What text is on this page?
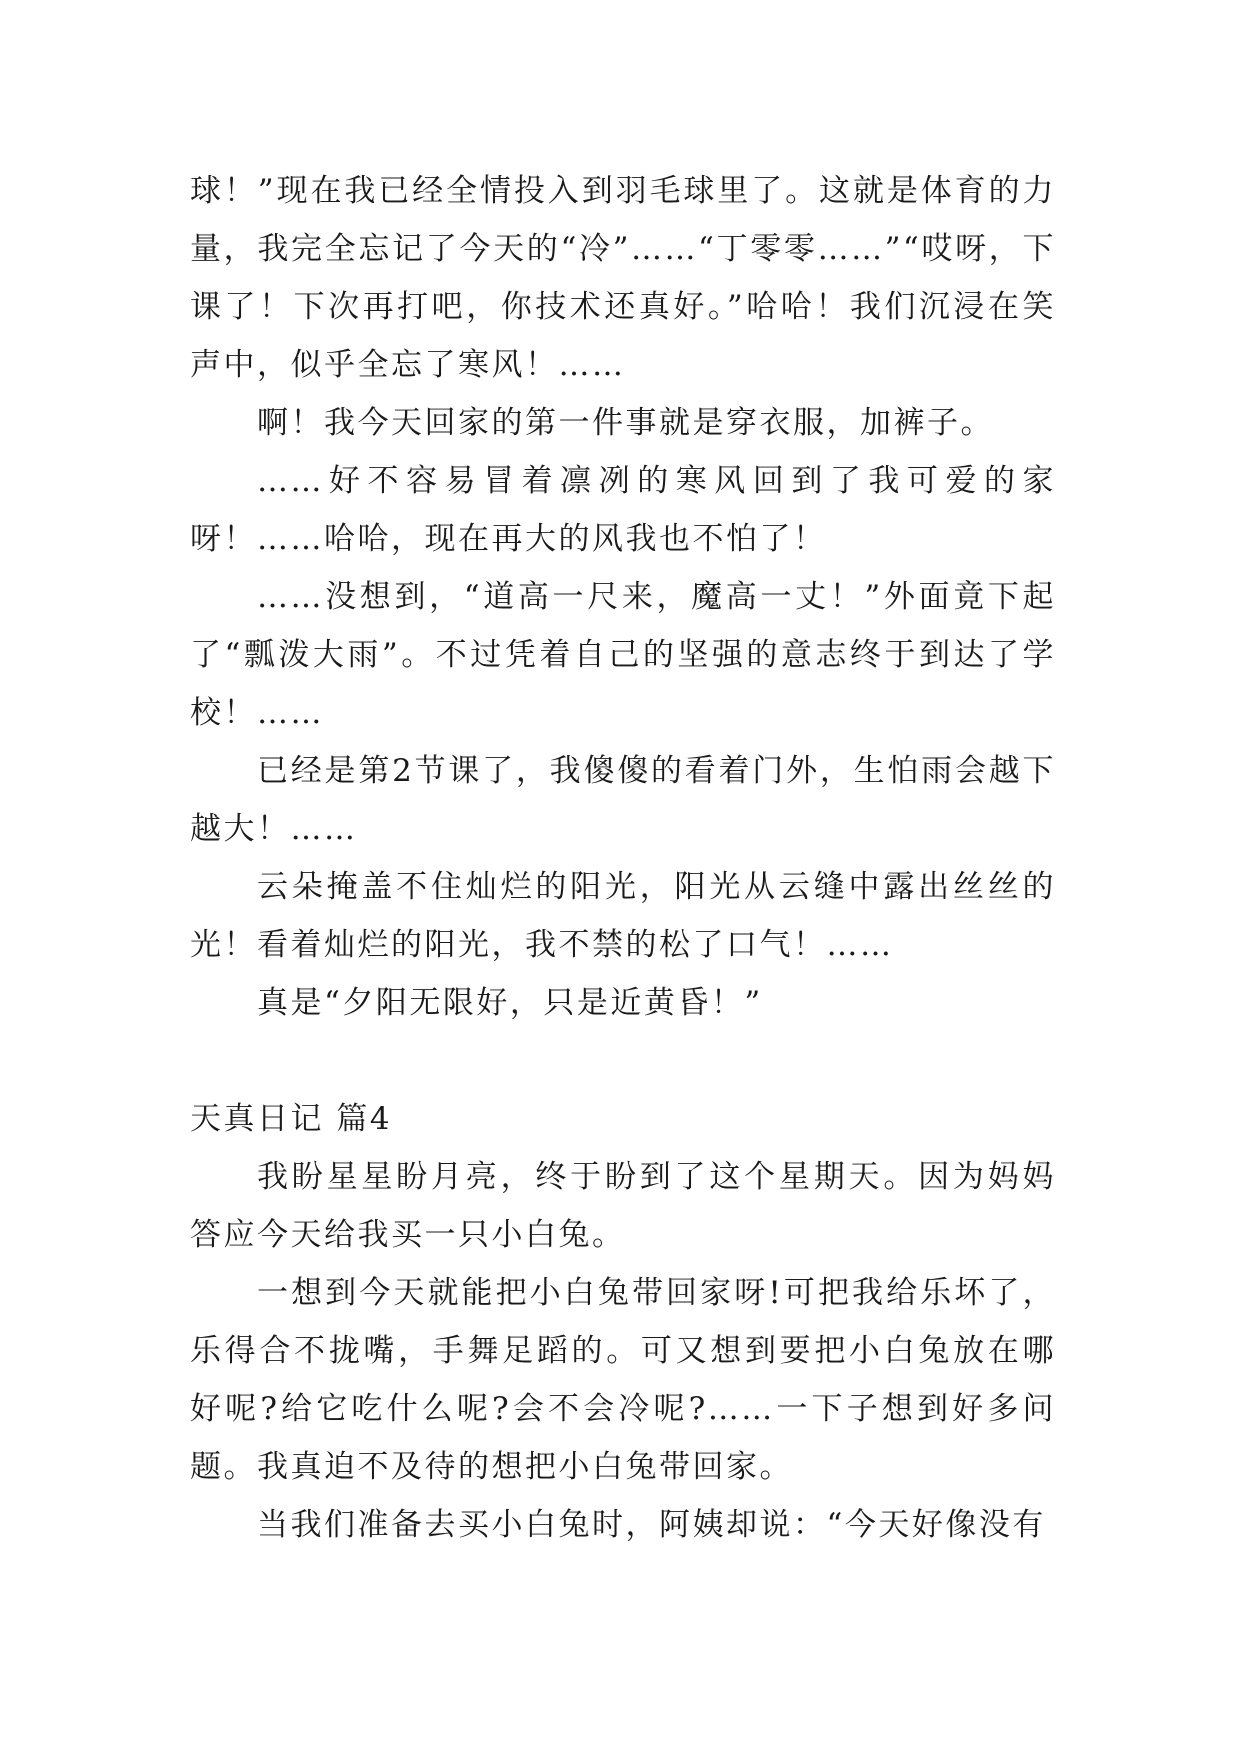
球！”现在我已经全情投入到羽毛球里了。这就是体育的力量，我完全忘记了今天的“冷”……“丁零零……”“哎呀，下课了！下次再打吧，你技术还真好。”哈哈！我们沉浸在笑声中，似乎全忘了寒风！……

啊！我今天回家的第一件事就是穿衣服，加裤子。

……好不容易冒着凛冽的寒风回到了我可爱的家呀！……哈哈，现在再大的风我也不怕了！

……没想到，“道高一尺来，魔高一丈！”外面竟下起了“瓢泼大雨”。不过凭着自己的坚强的意志终于到达了学校！……

已经是第2节课了，我傻傻的看着门外，生怕雨会越下越大！……

云朵掩盖不住灿烂的阳光，阳光从云缝中露出丝丝的光！看着灿烂的阳光，我不禁的松了口气！……

真是“夕阳无限好，只是近黄昏！”

天真日记 篇4

我盼星星盼月亮，终于盼到了这个星期天。因为妈妈答应今天给我买一只小白兔。

一想到今天就能把小白兔带回家呀!可把我给乐坏了，乐得合不拢嘴，手舞足蹈的。可又想到要把小白兔放在哪好呢?给它吃什么呢?会不会冷呢?……一下子想到好多问题。我真迫不及待的想把小白兔带回家。

当我们准备去买小白兔时，阿姨却说：“今天好像没有
